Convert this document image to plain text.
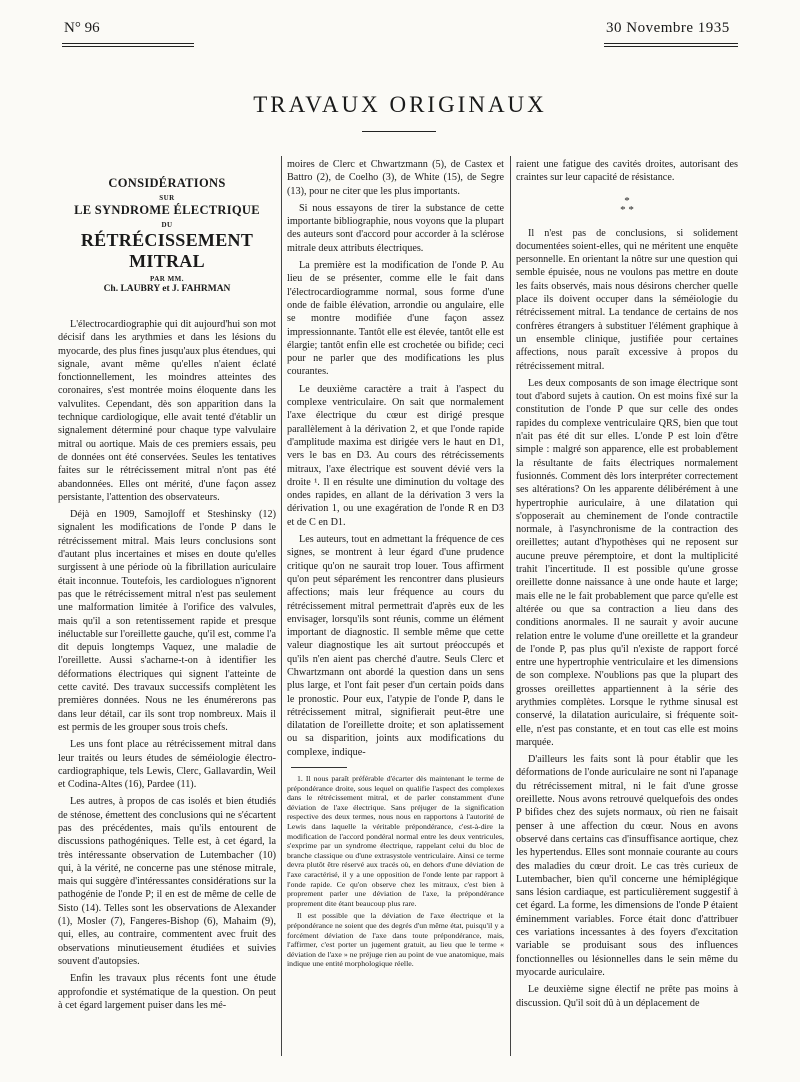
N° 96	30 Novembre 1935
TRAVAUX ORIGINAUX
CONSIDÉRATIONS
SUR
LE SYNDROME ÉLECTRIQUE
DU
RÉTRÉCISSEMENT MITRAL
PAR MM.
Ch. LAUBRY et J. FAHRMAN

L'électrocardiographie qui dit aujourd'hui son mot décisif dans les arythmies et dans les lésions du myocarde, des plus fines jusqu'aux plus étendues, qui signale, avant même qu'elles n'aient éclaté fonctionnellement, les moindres atteintes des coronaires, s'est montrée moins éloquente dans les valvulites. Cependant, dès son apparition dans la technique cardiologique, elle avait tenté d'établir un signalement déterminé pour chaque type valvulaire mitral ou aortique. Mais de ces premiers essais, peu de données ont été conservées. Seules les tentatives faites sur le rétrécissement mitral n'ont pas été abandonnées. Elles ont mérité, d'une façon assez persistante, l'attention des observateurs.

Déjà en 1909, Samojloff et Steshinsky (12) signalent les modifications de l'onde P dans le rétrécissement mitral. Mais leurs conclusions sont d'autant plus incertaines et mises en doute qu'elles surgissent à une période où la fibrillation auriculaire était inconnue. Toutefois, les cardiologues n'ignorent pas que le rétrécissement mitral n'est pas seulement une malformation limitée à l'orifice des valvules, mais qu'il a son retentissement rapide et presque inéluctable sur l'oreillette gauche, qu'il est, comme l'a dit depuis longtemps Vaquez, une maladie de l'oreillette. Aussi s'acharne-t-on à identifier les déformations électriques qui signent l'atteinte de cette cavité. Des travaux successifs complètent les premières données. Nous ne les énumérerons pas dans leur détail, car ils sont trop nombreux. Mais il est permis de les grouper sous trois chefs.

Les uns font place au rétrécissement mitral dans leur traités ou leurs études de séméiologie électro-cardiographique, tels Lewis, Clerc, Gallavardin, Weil et Codina-Altes (16), Pardee (11).

Les autres, à propos de cas isolés et bien étudiés de sténose, émettent des conclusions qui ne s'écartent pas des précédentes, mais qu'ils entourent de discussions pathogéniques. Telle est, à cet égard, la très intéressante observation de Lutembacher (10) qui, à la vérité, ne concerne pas une sténose mitrale, mais qui suggère d'intéressantes considérations sur la pathogénie de l'onde P; il en est de même de celle de Sisto (14). Telles sont les observations de Alexander (1), Mosler (7), Fangeres-Bishop (6), Mahaim (9), qui, elles, au contraire, commentent avec fruit des observations minutieusement étudiées et suivies souvent d'autopsies.

Enfin les travaux plus récents font une étude approfondie et systématique de la question. On peut à cet égard largement puiser dans les mé-

moires de Clerc et Chwartzmann (5), de Castex et Battro (2), de Coelho (3), de White (15), de Segre (13), pour ne citer que les plus importants.

Si nous essayons de tirer la substance de cette importante bibliographie, nous voyons que la plupart des auteurs sont d'accord pour accorder à la sclérose mitrale deux attributs électriques.

La première est la modification de l'onde P. Au lieu de se présenter, comme elle le fait dans l'électrocardiogramme normal, sous forme d'une onde de faible élévation, arrondie ou angulaire, elle se montre modifiée d'une façon assez impressionnante. Tantôt elle est élevée, tantôt elle est élargie; tantôt enfin elle est crochetée ou bifide; ceci pour ne parler que des modifications les plus courantes.

Le deuxième caractère a trait à l'aspect du complexe ventriculaire. On sait que normalement l'axe électrique du cœur est dirigé presque parallèlement à la dérivation 2, et que l'onde rapide d'amplitude maxima est dirigée vers le haut en D1, vers le bas en D3. Au cours des rétrécissements mitraux, l'axe électrique est souvent dévié vers la droite ¹. Il en résulte une diminution du voltage des ondes rapides, en allant de la dérivation 3 vers la dérivation 1, ou une exagération de l'onde R en D3 et de C en D1.

Les auteurs, tout en admettant la fréquence de ces signes, se montrent à leur égard d'une prudence critique qu'on ne saurait trop louer. Tous affirment qu'on peut séparément les rencontrer dans plusieurs affections; mais leur fréquence au cours du rétrécissement mitral permettrait d'après eux de les envisager, lorsqu'ils sont réunis, comme un élément important de diagnostic. Il semble même que cette valeur diagnostique les ait surtout préoccupés et qu'ils n'en aient pas cherché d'autre. Seuls Clerc et Chwartzmann ont abordé la question dans un sens plus large, et l'ont fait peser d'un certain poids dans le pronostic. Pour eux, l'atypie de l'onde P, dans le rétrécissement mitral, signifierait peut-être une dilatation de l'oreillette droite; et son aplatissement ou sa disparition, joints aux modifications du complexe, indique-

1. Il nous paraît préférable d'écarter dès maintenant le terme de prépondérance droite, sous lequel on qualifie l'aspect des complexes dans le rétrécissement mitral, et de parler constamment d'une déviation de l'axe électrique. Sans préjuger de la signification respective des deux termes, nous nous en rapportons à l'autorité de Lewis dans laquelle la véritable prépondérance, c'est-à-dire la modification de l'accord pondéral normal entre les deux ventricules, s'exprime par un syndrome électrique, rappelant celui du bloc de branche classique ou d'une extrasystole ventriculaire. Ainsi ce terme devra plutôt être réservé aux tracés où, en dehors d'une déviation de l'axe caractérisé, il y a une opposition de l'onde lente par rapport à l'onde rapide. Ce qu'on observe chez les mitraux, c'est bien à proprement parler une déviation de l'axe, la prépondérance proprement dite étant beaucoup plus rare.

Il est possible que la déviation de l'axe électrique et la prépondérance ne soient que des degrés d'un même état, puisqu'il y a forcément déviation de l'axe dans toute prépondérance, mais, l'affirmer, c'est porter un jugement gratuit, au lieu que le terme « déviation de l'axe » ne préjuge rien au point de vue anatomique, mais indique une entité morphologique réelle.

raient une fatigue des cavités droites, autorisant des craintes sur leur capacité de résistance.

*
* *

Il n'est pas de conclusions, si solidement documentées soient-elles, qui ne méritent une enquête personnelle. En orientant la nôtre sur une question qui semble épuisée, nous ne voulons pas mettre en doute les faits observés, mais nous désirons chercher quelle place ils doivent occuper dans la séméiologie du rétrécissement mitral. La tendance de certains de nos confrères étrangers à substituer l'élément graphique à un ensemble clinique, justifiée pour certaines affections, nous paraît excessive à propos du rétrécissement mitral.

Les deux composants de son image électrique sont tout d'abord sujets à caution. On est moins fixé sur la constitution de l'onde P que sur celle des ondes rapides du complexe ventriculaire QRS, bien que tout n'ait pas été dit sur elles. L'onde P est loin d'être simple : malgré son apparence, elle est probablement la résultante de faits électriques normalement fusionnés. Comment dès lors interpréter correctement ses altérations? On les apparente délibérément à une hypertrophie auriculaire, à une dilatation qui s'opposerait au cheminement de l'onde contractile normale, à l'asynchronisme de la contraction des oreillettes; autant d'hypothèses qui ne reposent sur aucune preuve péremptoire, et dont la multiplicité trahit l'incertitude. Il est possible qu'une grosse oreillette donne naissance à une onde haute et large; mais elle ne le fait probablement que parce qu'elle est altérée ou que sa contraction a lieu dans des conditions anormales. Il ne saurait y avoir aucune relation entre le volume d'une oreillette et la grandeur de l'onde P, pas plus qu'il n'existe de rapport forcé entre une hypertrophie ventriculaire et les dimensions de son complexe. N'oublions pas que la plupart des grosses oreillettes appartiennent à la série des arythmies complètes. Lorsque le rythme sinusal est conservé, la dilatation auriculaire, si fréquente soit-elle, n'est pas constante, et en tout cas elle est moins marquée.

D'ailleurs les faits sont là pour établir que les déformations de l'onde auriculaire ne sont ni l'apanage du rétrécissement mitral, ni le fait d'une grosse oreillette. Nous avons retrouvé quelquefois des ondes P bifides chez des sujets normaux, où rien ne faisait penser à une affection du cœur. Nous en avons observé dans certains cas d'insuffisance aortique, chez les hypertendus. Elles sont monnaie courante au cours des maladies du cœur droit. Le cas très curieux de Lutembacher, bien qu'il concerne une hémiplégique sans lésion cardiaque, est particulièrement suggestif à cet égard. La forme, les dimensions de l'onde P étaient éminemment variables. Force était donc d'attribuer ces variations incessantes à des foyers d'excitation variable se produisant sous des influences fonctionnelles ou lésionnelles dans le sein même du myocarde auriculaire.

Le deuxième signe électif ne prête pas moins à discussion. Qu'il soit dû à un déplacement de
